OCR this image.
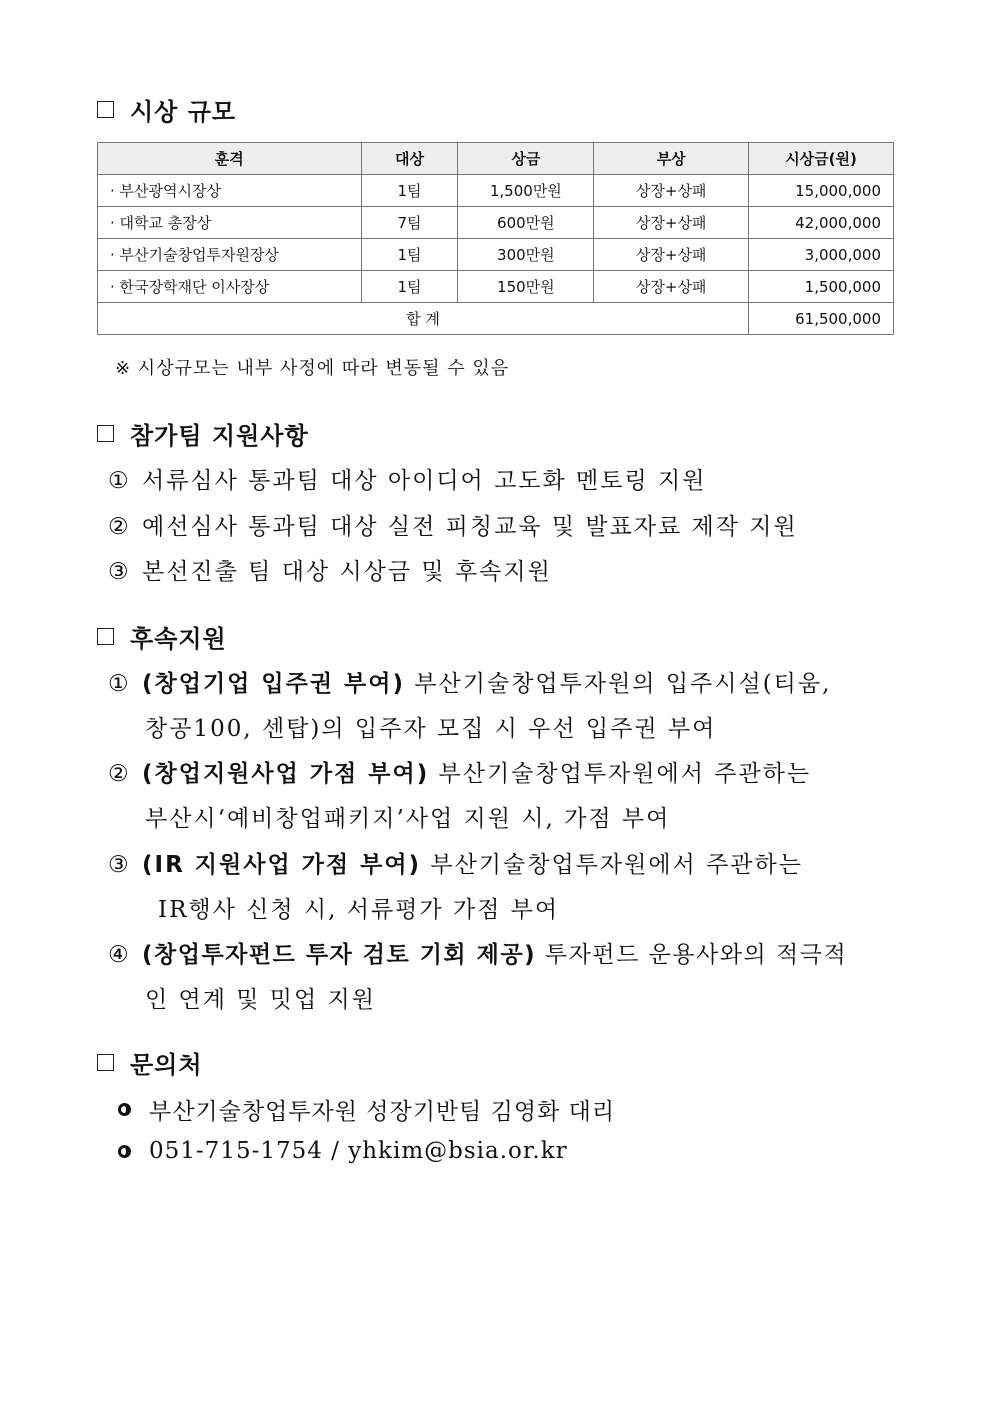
시상 규모
훈격	대상	상금	부상	시상금(원)
· 부산광역시장상	1팀	1,500만원	상장+상패	15,000,000
· 대학교 총장상	7팀	600만원	상장+상패	42,000,000
· 부산기술창업투자원장상	1팀	300만원	상장+상패	3,000,000
· 한국장학재단 이사장상	1팀	150만원	상장+상패	1,500,000
합 계				61,500,000
※ 시상규모는 내부 사정에 따라 변동될 수 있음
참가팀 지원사항
① 서류심사 통과팀 대상 아이디어 고도화 멘토링 지원
② 예선심사 통과팀 대상 실전 피칭교육 및 발표자료 제작 지원
③ 본선진출 팀 대상 시상금 및 후속지원
후속지원
① (창업기업 입주권 부여) 부산기술창업투자원의 입주시설(티움,
창공100, 센탑)의 입주자 모집 시 우선 입주권 부여
② (창업지원사업 가점 부여) 부산기술창업투자원에서 주관하는
부산시‘예비창업패키지’사업 지원 시, 가점 부여
③ (IR 지원사업 가점 부여) 부산기술창업투자원에서 주관하는
IR행사 신청 시, 서류평가 가점 부여
④ (창업투자펀드 투자 검토 기회 제공) 투자펀드 운용사와의 적극적
인 연계 및 밋업 지원
문의처
부산기술창업투자원 성장기반팀 김영화 대리
051-715-1754 / yhkim@bsia.or.kr
